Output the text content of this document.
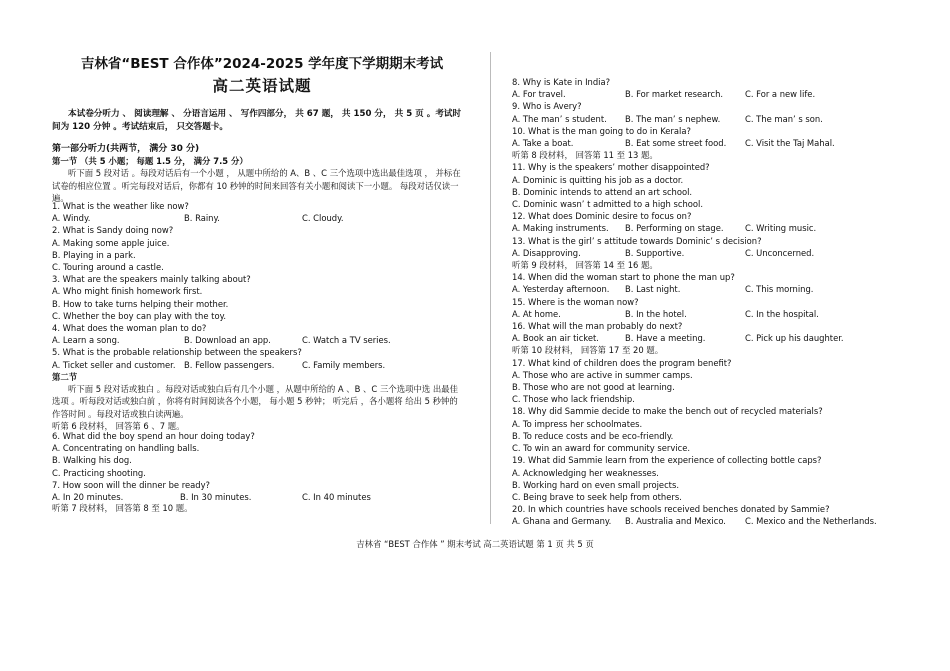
吉林省“BEST 合作体”2024-2025 学年度下学期期末考试
高二英语试题
本试卷分听力 、 阅读理解 、 分语言运用 、 写作四部分， 共 67 题， 共 150 分， 共 5 页 。考试时 间为 120 分钟 。考试结束后， 只交答题卡。
第一部分听力(共两节， 满分 30 分)
第一节 （共 5 小题； 每题 1.5 分， 满分 7.5 分）
听下面 5 段对话 。每段对话后有一个小题 ， 从题中所给的 A、B 、C 三个选项中选出最佳选项 ， 并标在试卷的相应位置 。听完每段对话后，你都有 10 秒钟的时间来回答有关小题和阅读下一小题。 每段对话仅读一遍。
1. What is the weather like now?
A. Windy.	B. Rainy.	C. Cloudy.
2. What is Sandy doing now?
A. Making some apple juice.
B. Playing in a park.
C. Touring around a castle.
3. What are the speakers mainly talking about?
A. Who might finish homework first.
B. How to take turns helping their mother.
C. Whether the boy can play with the toy.
4. What does the woman plan to do?
A. Learn a song.	B. Download an app.	C. Watch a TV series.
5. What is the probable relationship between the speakers?
A. Ticket seller and customer.	B. Fellow passengers.	C. Family members.
第二节
听下面 5 段对话或独白 。每段对话或独白后有几个小题 ，从题中所给的 A 、B 、C 三个选项中选 出最佳选项 。听每段对话或独白前 ，你将有时间阅读各个小题， 每小题 5 秒钟； 听完后 ，各小题将 给出 5 秒钟的作答时间 。每段对话或独白读两遍。
听第 6 段材料， 回答第 6 、7 题。
6. What did the boy spend an hour doing today?
A. Concentrating on handling balls.
B. Walking his dog.
C. Practicing shooting.
7. How soon will the dinner be ready?
A. In 20 minutes.	B. In 30 minutes.	C. In 40 minutes
听第 7 段材料， 回答第 8 至 10 题。
8. Why is Kate in India?
A. For travel.	B. For market research.	C. For a new life.
9. Who is Avery?
A. The man’ s student.	B. The man’ s nephew.	C. The man’ s son.
10. What is the man going to do in Kerala?
A. Take a boat.	B. Eat some street food.	C. Visit the Taj Mahal.
听第 8 段材料， 回答第 11 至 13 题。
11. Why is the speakers’ mother disappointed?
A. Dominic is quitting his job as a doctor.
B. Dominic intends to attend an art school.
C. Dominic wasn’ t admitted to a high school.
12. What does Dominic desire to focus on?
A. Making instruments.	B. Performing on stage.	C. Writing music.
13. What is the girl’ s attitude towards Dominic’ s decision?
A. Disapproving.	B. Supportive.	C. Unconcerned.
听第 9 段材料， 回答第 14 至 16 题。
14. When did the woman start to phone the man up?
A. Yesterday afternoon.	B. Last night.	C. This morning.
15. Where is the woman now?
A. At home.	B. In the hotel.	C. In the hospital.
16. What will the man probably do next?
A. Book an air ticket.	B. Have a meeting.	C. Pick up his daughter.
听第 10 段材料， 回答第 17 至 20 题。
17. What kind of children does the program benefit?
A. Those who are active in summer camps.
B. Those who are not good at learning.
C. Those who lack friendship.
18. Why did Sammie decide to make the bench out of recycled materials?
A. To impress her schoolmates.
B. To reduce costs and be eco-friendly.
C. To win an award for community service.
19. What did Sammie learn from the experience of collecting bottle caps?
A. Acknowledging her weaknesses.
B. Working hard on even small projects.
C. Being brave to seek help from others.
20. In which countries have schools received benches donated by Sammie?
A. Ghana and Germany.	B. Australia and Mexico.	C. Mexico and the Netherlands.
吉林省 “BEST 合作体 ” 期末考试 高二英语试题 第 1 页 共 5 页
